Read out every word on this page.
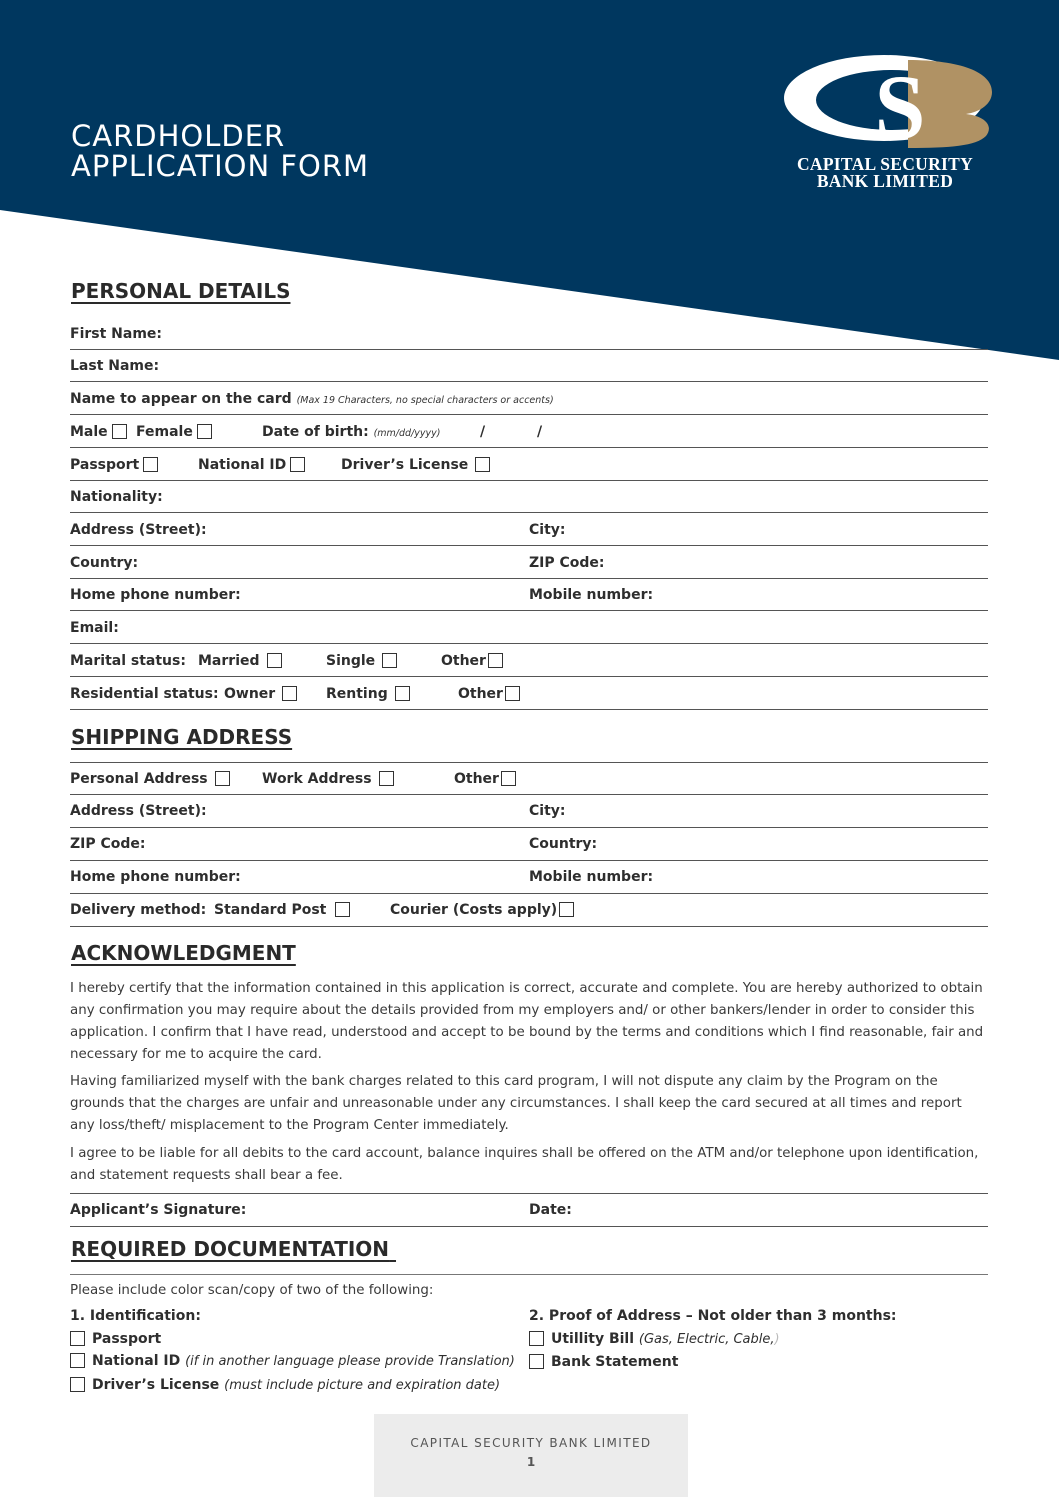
CARDHOLDER
APPLICATION FORM
S
CAPITAL SECURITY
BANK LIMITED
PERSONAL DETAILS
First Name:
Last Name:
Name to appear on the card (Max 19 Characters, no special characters or accents)
Male	Female	Date of birth: (mm/dd/yyyy)	/	/
Passport	National ID	Driver’s License
Nationality:
Address (Street):	City:
Country:	ZIP Code:
Home phone number:	Mobile number:
Email:
Marital status: Married	Single	Other
Residential status: Owner	Renting	Other
SHIPPING ADDRESS
Personal Address	Work Address	Other
Address (Street):	City:
ZIP Code:	Country:
Home phone number:	Mobile number:
Delivery method: Standard Post	Courier (Costs apply)
ACKNOWLEDGMENT

I hereby certify that the information contained in this application is correct, accurate and complete. You are hereby authorized to obtain any confirmation you may require about the details provided from my employers and/ or other bankers/lender in order to consider this application. I confirm that I have read, understood and accept to be bound by the terms and conditions which I find reasonable, fair and necessary for me to acquire the card.

Having familiarized myself with the bank charges related to this card program, I will not dispute any claim by the Program on the grounds that the charges are unfair and unreasonable under any circumstances. I shall keep the card secured at all times and report any loss/theft/ misplacement to the Program Center immediately.

I agree to be liable for all debits to the card account, balance inquires shall be offered on the ATM and/or telephone upon identification, and statement requests shall bear a fee.

Applicant’s Signature:	Date:
REQUIRED DOCUMENTATION

Please include color scan/copy of two of the following:

1. Identification:
Passport
National ID (if in another language please provide Translation)
Driver’s License (must include picture and expiration date)
2. Proof of Address – Not older than 3 months:
Utillity Bill (Gas, Electric, Cable,)
Bank Statement
CAPITAL SECURITY BANK LIMITED
1
